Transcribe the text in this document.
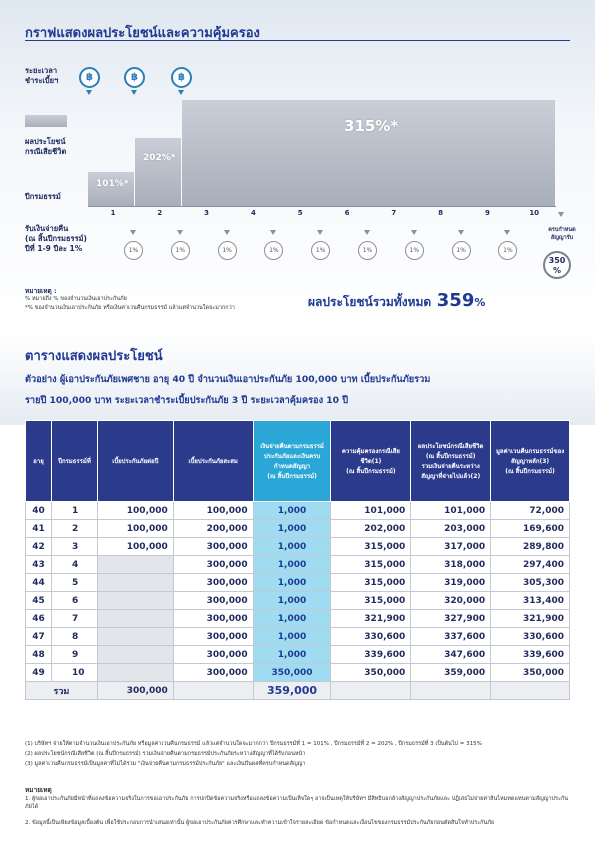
กราฟแสดงผลประโยชน์และความคุ้มครอง
ระยะเวลา
ชำระเบี้ยฯ
ผลประโยชน์
กรณีเสียชีวิต
ปีกรมธรรม์
รับเงินจ่ายคืน
(ณ สิ้นปีกรมธรรม์)
ปีที่ 1-9 ปีละ 1%
฿	฿	฿
101%*
202%*
315%*
1	2	3	4	5	6	7	8	9	10
1%	1%	1%	1%	1%	1%	1%	1%	1%
ครบกำหนด
สัญญารับ
350
%
หมายเหตุ :
% หมายถึง % ของจำนวนเงินเอาประกันภัย
*% ของจำนวนเงินเอาประกันภัย หรือเงินค่าเวนคืนกรมธรรม์ แล้วแต่จำนวนใดจะมากกว่า	ผลประโยชน์รวมทั้งหมด 359%
ตารางแสดงผลประโยชน์
ตัวอย่าง ผู้เอาประกันภัยเพศชาย อายุ 40 ปี จำนวนเงินเอาประกันภัย 100,000 บาท เบี้ยประกันภัยรวม
รายปี 100,000 บาท ระยะเวลาชำระเบี้ยประกันภัย 3 ปี ระยะเวลาคุ้มครอง 10 ปี
อายุ	ปีกรมธรรม์ที่	เบี้ยประกันภัยต่อปี	เบี้ยประกันภัยสะสม	เงินจ่ายคืนตามกรมธรรม์ประกันภัยและเงินครบกำหนดสัญญา
(ณ สิ้นปีกรมธรรม์)	ความคุ้มครองกรณีเสียชีวิต(1)
(ณ สิ้นปีกรมธรรม์)	ผลประโยชน์กรณีเสียชีวิต
(ณ สิ้นปีกรมธรรม์)
รวมเงินจ่ายคืนระหว่างสัญญาที่จ่ายไปแล้ว(2)	มูลค่าเวนคืนกรมธรรม์ของสัญญาหลัก(3)
(ณ สิ้นปีกรมธรรม์)
40	1	100,000	100,000	1,000	101,000	101,000	72,000
41	2	100,000	200,000	1,000	202,000	203,000	169,600
42	3	100,000	300,000	1,000	315,000	317,000	289,800
43	4		300,000	1,000	315,000	318,000	297,400
44	5		300,000	1,000	315,000	319,000	305,300
45	6		300,000	1,000	315,000	320,000	313,400
46	7		300,000	1,000	321,900	327,900	321,900
47	8		300,000	1,000	330,600	337,600	330,600
48	9		300,000	1,000	339,600	347,600	339,600
49	10		300,000	350,000	350,000	359,000	350,000
รวม		300,000		359,000			
(1) บริษัทฯ จ่ายให้ตามจำนวนเงินเอาประกันภัย หรือมูลค่าเวนคืนกรมธรรม์ แล้วแต่จำนวนใดจะมากกว่า ปีกรมธรรม์ที่ 1 = 101% , ปีกรมธรรม์ที่ 2 = 202% , ปีกรมธรรม์ที่ 3 เป็นต้นไป = 315%
(2) ผลประโยชน์กรณีเสียชีวิต (ณ สิ้นปีกรมธรรม์) รวมเงินจ่ายคืนตามกรมธรรม์ประกันภัยระหว่างสัญญาที่ได้รับก่อนหน้า
(3) มูลค่าเวนคืนกรมธรรม์เป็นมูลค่าที่ไม่ได้รวม "เงินจ่ายคืนตามกรมธรรม์ประกันภัย" และเงินปันผลที่ครบกำหนดสัญญา
หมายเหตุ
1. ผู้ขอเอาประกันภัยมีหน้าที่แถลงข้อความจริงในการขอเอาประกันภัย การปกปิดข้อความจริงหรือแถลงข้อความเป็นเท็จใดๆ อาจเป็นเหตุให้บริษัทฯ มีสิทธิบอกล้างสัญญาประกันภัยและ ปฏิเสธไม่จ่ายค่าสินไหมทดแทนตามสัญญาประกันภัยได้
2. ข้อมูลนี้เป็นเพียงข้อมูลเบื้องต้น เพื่อใช้ประกอบการนำเสนอเท่านั้น ผู้ขอเอาประกันภัยควรศึกษาและทำความเข้าใจรายละเอียด ข้อกำหนดและเงื่อนไขของกรมธรรม์ประกันภัยก่อนตัดสินใจทำประกันภัย
